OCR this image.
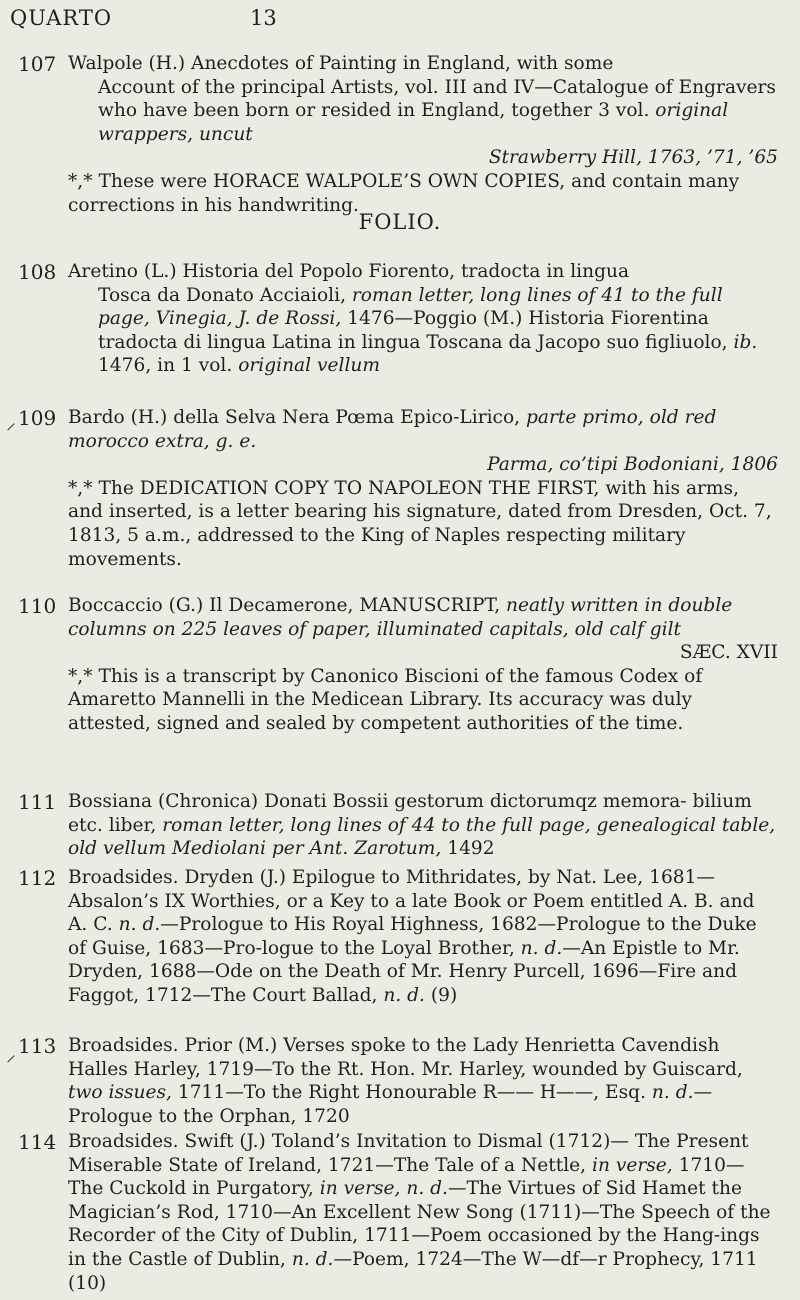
QUARTO	13
107 Walpole (H.) Anecdotes of Painting in England, with some

Account of the principal Artists, vol. III and IV—Catalogue of Engravers who have been born or resided in England, together 3 vol. original wrappers, uncut

Strawberry Hill, 1763, ’71, ’65

*,* These were HORACE WALPOLE’S OWN COPIES, and contain many corrections in his handwriting.

FOLIO.
108 Aretino (L.) Historia del Popolo Fiorento, tradocta in lingua

Tosca da Donato Acciaioli, roman letter, long lines of 41 to the full page, Vinegia, J. de Rossi, 1476—Poggio (M.) Historia Fiorentina tradocta di lingua Latina in lingua Toscana da Jacopo suo figliuolo, ib. 1476, in 1 vol. original vellum

109 Bardo (H.) della Selva Nera Pœma Epico-Lirico, parte primo, old red morocco extra, g. e.

Parma, co’tipi Bodoniani, 1806

*,* The DEDICATION COPY TO NAPOLEON THE FIRST, with his arms, and inserted, is a letter bearing his signature, dated from Dresden, Oct. 7, 1813, 5 a.m., addressed to the King of Naples respecting military movements.

110 Boccaccio (G.) Il Decamerone, MANUSCRIPT, neatly written in double columns on 225 leaves of paper, illuminated capitals, old calf gilt

SÆC. XVII

*,* This is a transcript by Canonico Biscioni of the famous Codex of Amaretto Mannelli in the Medicean Library. Its accuracy was duly attested, signed and sealed by competent authorities of the time.

111 Bossiana (Chronica) Donati Bossii gestorum dictorumqz memora- bilium etc. liber, roman letter, long lines of 44 to the full page, genealogical table, old vellum Mediolani per Ant. Zarotum, 1492

112 Broadsides. Dryden (J.) Epilogue to Mithridates, by Nat. Lee, 1681—Absalon’s IX Worthies, or a Key to a late Book or Poem entitled A. B. and A. C. n. d.—Prologue to His Royal Highness, 1682—Prologue to the Duke of Guise, 1683—Pro-logue to the Loyal Brother, n. d.—An Epistle to Mr. Dryden, 1688—Ode on the Death of Mr. Henry Purcell, 1696—Fire and Faggot, 1712—The Court Ballad, n. d. (9)

113 Broadsides. Prior (M.) Verses spoke to the Lady Henrietta Cavendish Halles Harley, 1719—To the Rt. Hon. Mr. Harley, wounded by Guiscard, two issues, 1711—To the Right Honourable R—— H——, Esq. n. d.—Prologue to the Orphan, 1720

114 Broadsides. Swift (J.) Toland’s Invitation to Dismal (1712)— The Present Miserable State of Ireland, 1721—The Tale of a Nettle, in verse, 1710—The Cuckold in Purgatory, in verse, n. d.—The Virtues of Sid Hamet the Magician’s Rod, 1710—An Excellent New Song (1711)—The Speech of the Recorder of the City of Dublin, 1711—Poem occasioned by the Hang-ings in the Castle of Dublin, n. d.—Poem, 1724—The W—df—r Prophecy, 1711 (10)

⸝
⸝
